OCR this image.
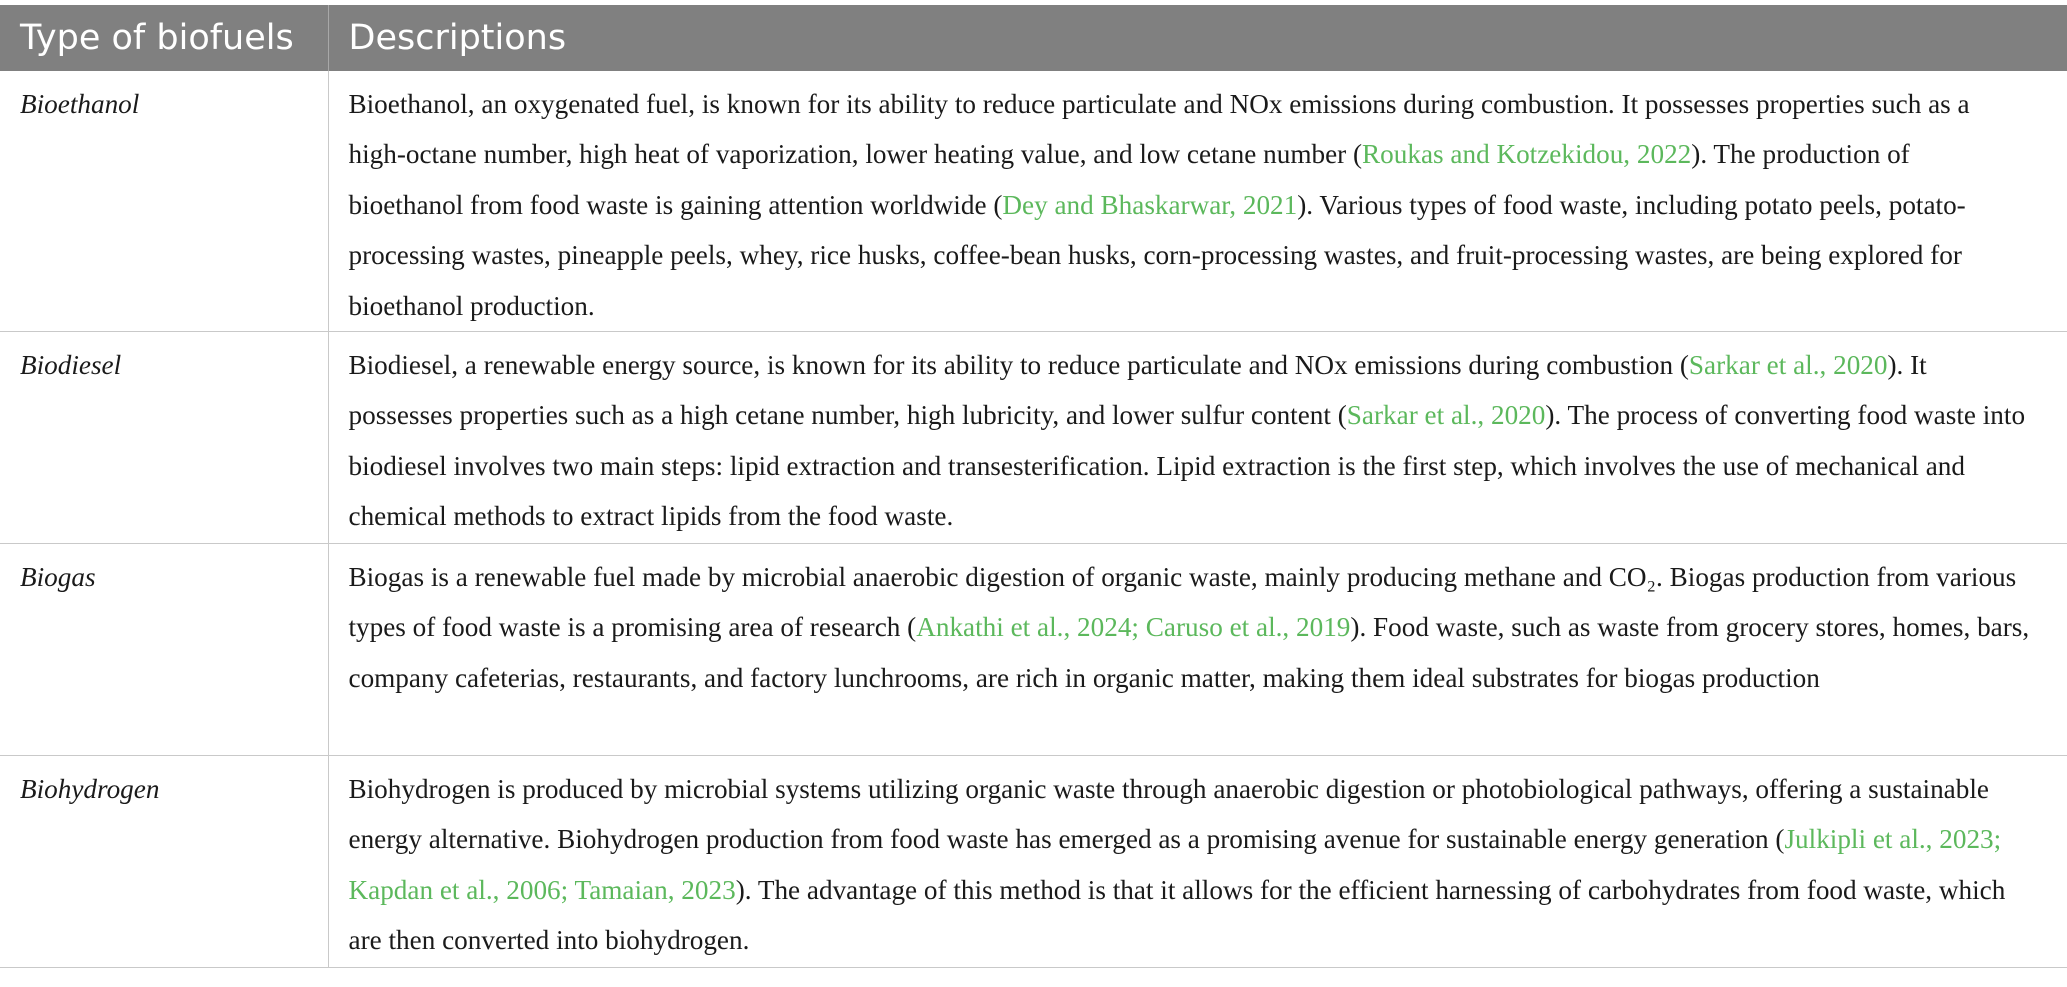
Type of biofuels	Descriptions
Bioethanol	Bioethanol, an oxygenated fuel, is known for its ability to reduce particulate and NOx emissions during combustion. It possesses properties such as a high-octane number, high heat of vaporization, lower heating value, and low cetane number (Roukas and Kotzekidou, 2022). The production of bioethanol from food waste is gaining attention worldwide (Dey and Bhaskarwar, 2021). Various types of food waste, including potato peels, potato-processing wastes, pineapple peels, whey, rice husks, coffee-bean husks, corn-processing wastes, and fruit-processing wastes, are being explored for bioethanol production.
Biodiesel	Biodiesel, a renewable energy source, is known for its ability to reduce particulate and NOx emissions during combustion (Sarkar et al., 2020). It possesses properties such as a high cetane number, high lubricity, and lower sulfur content (Sarkar et al., 2020). The process of converting food waste into biodiesel involves two main steps: lipid extraction and transesterification. Lipid extraction is the first step, which involves the use of mechanical and chemical methods to extract lipids from the food waste.
Biogas	Biogas is a renewable fuel made by microbial anaerobic digestion of organic waste, mainly producing methane and CO₂. Biogas production from various types of food waste is a promising area of research (Ankathi et al., 2024; Caruso et al., 2019). Food waste, such as waste from grocery stores, homes, bars, company cafeterias, restaurants, and factory lunchrooms, are rich in organic matter, making them ideal substrates for biogas production
Biohydrogen	Biohydrogen is produced by microbial systems utilizing organic waste through anaerobic digestion or photobiological pathways, offering a sustainable energy alternative. Biohydrogen production from food waste has emerged as a promising avenue for sustainable energy generation (Julkipli et al., 2023; Kapdan et al., 2006; Tamaian, 2023). The advantage of this method is that it allows for the efficient harnessing of carbohydrates from food waste, which are then converted into biohydrogen.
